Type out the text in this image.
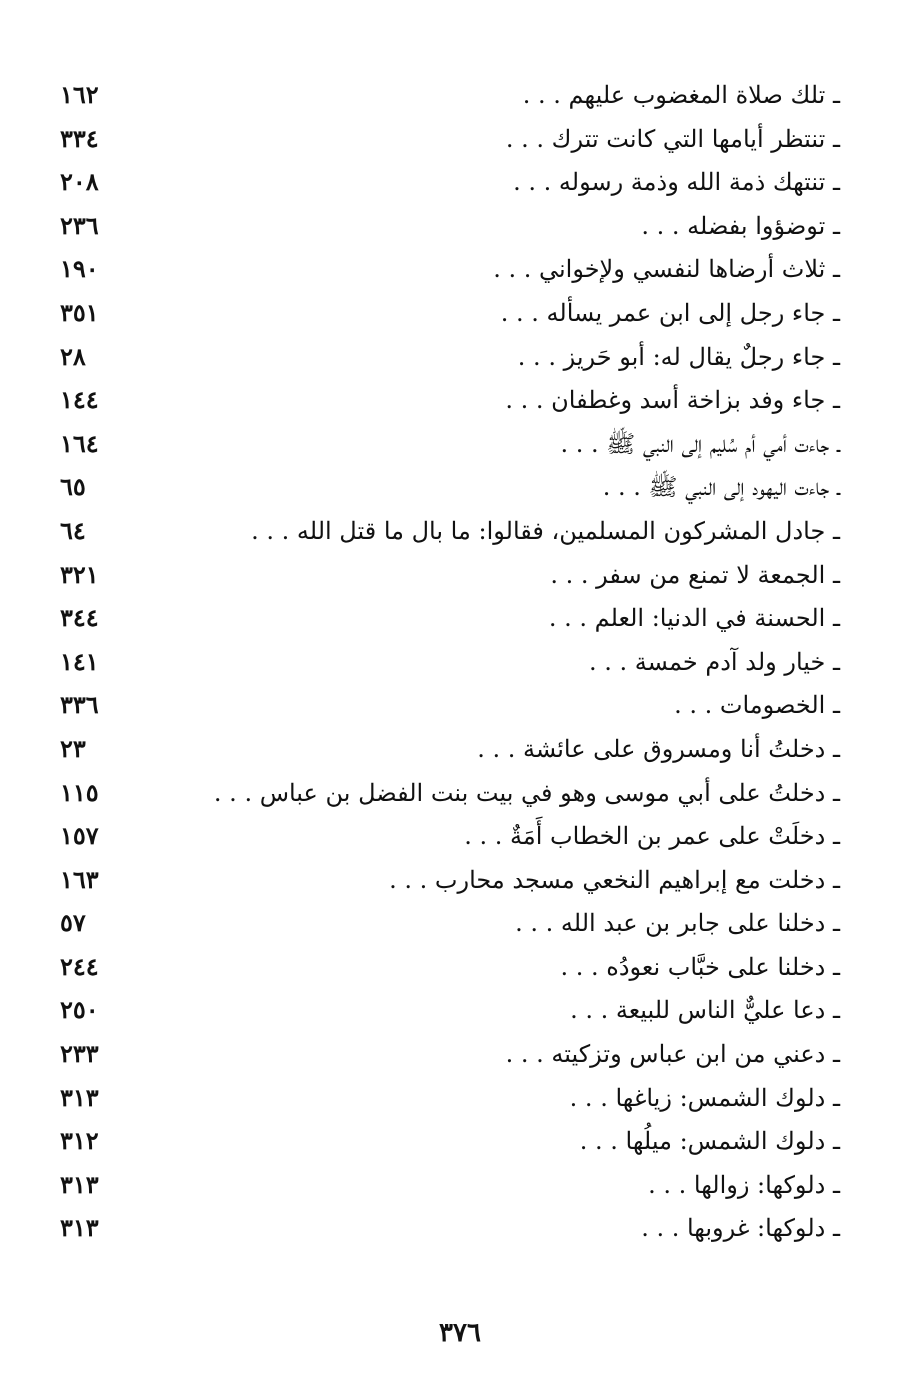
ـ تلك صلاة المغضوب عليهم . . .
١٦٢
ـ تنتظر أيامها التي كانت تترك . . .
٣٣٤
ـ تنتهك ذمة الله وذمة رسوله . . .
٢٠٨
ـ توضؤوا بفضله . . .
٢٣٦
ـ ثلاث أرضاها لنفسي ولإخواني . . .
١٩٠
ـ جاء رجل إلى ابن عمر يسأله . . .
٣٥١
ـ جاء رجلٌ يقال له: أبو حَريز . . .
٢٨
ـ جاء وفد بزاخة أسد وغطفان . . .
١٤٤
ـ جاءت أمي أم سُليم إلى النبي ﷺ . . .
١٦٤
ـ جاءت اليهود إلى النبي ﷺ . . .
٦٥
ـ جادل المشركون المسلمين، فقالوا: ما بال ما قتل الله . . .
٦٤
ـ الجمعة لا تمنع من سفر . . .
٣٢١
ـ الحسنة في الدنيا: العلم . . .
٣٤٤
ـ خيار ولد آدم خمسة . . .
١٤١
ـ الخصومات . . .
٣٣٦
ـ دخلتُ أنا ومسروق على عائشة . . .
٢٣
ـ دخلتُ على أبي موسى وهو في بيت بنت الفضل بن عباس . . .
١١٥
ـ دخلَتْ على عمر بن الخطاب أَمَةٌ . . .
١٥٧
ـ دخلت مع إبراهيم النخعي مسجد محارب . . .
١٦٣
ـ دخلنا على جابر بن عبد الله . . .
٥٧
ـ دخلنا على خبَّاب نعودُه . . .
٢٤٤
ـ دعا عليٌّ الناس للبيعة . . .
٢٥٠
ـ دعني من ابن عباس وتزكيته . . .
٢٣٣
ـ دلوك الشمس: زياغها . . .
٣١٣
ـ دلوك الشمس: ميلُها . . .
٣١٢
ـ دلوكها: زوالها . . .
٣١٣
ـ دلوكها: غروبها . . .
٣١٣
٣٧٦
